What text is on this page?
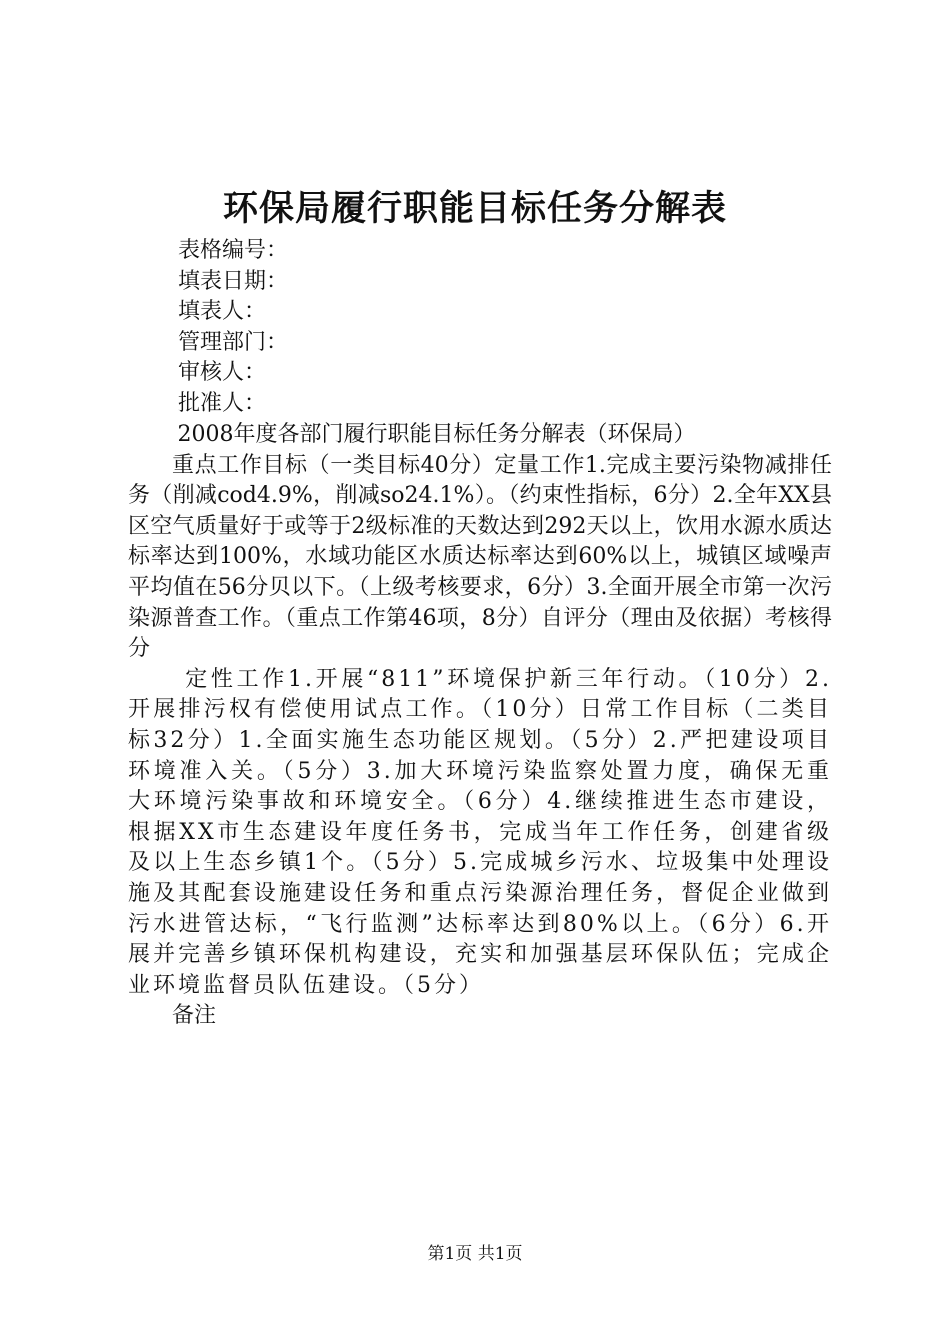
环保局履行职能目标任务分解表
表格编号：
填表日期：
填表人：
管理部门：
审核人：
批准人：

2008年度各部门履行职能目标任务分解表（环保局）

重点工作目标（一类目标40分）定量工作1.完成主要污染物减排任务（削减cod4.9%，削减so24.1%）。（约束性指标，6分）2.全年XX县区空气质量好于或等于2级标准的天数达到292天以上，饮用水源水质达标率达到100%，水域功能区水质达标率达到60%以上，城镇区域噪声平均值在56分贝以下。（上级考核要求，6分）3.全面开展全市第一次污染源普查工作。（重点工作第46项，8分）自评分（理由及依据）考核得分

定性工作1.开展“811”环境保护新三年行动。（10分）2.开展排污权有偿使用试点工作。（10分）日常工作目标（二类目标32分）1.全面实施生态功能区规划。（5分）2.严把建设项目环境准入关。（5分）3.加大环境污染监察处置力度，确保无重大环境污染事故和环境安全。（6分）4.继续推进生态市建设，根据XX市生态建设年度任务书，完成当年工作任务，创建省级及以上生态乡镇1个。（5分）5.完成城乡污水、垃圾集中处理设施及其配套设施建设任务和重点污染源治理任务，督促企业做到污水进管达标，“飞行监测”达标率达到80%以上。（6分）6.开展并完善乡镇环保机构建设，充实和加强基层环保队伍；完成企业环境监督员队伍建设。（5分）

备注

第1页 共1页
